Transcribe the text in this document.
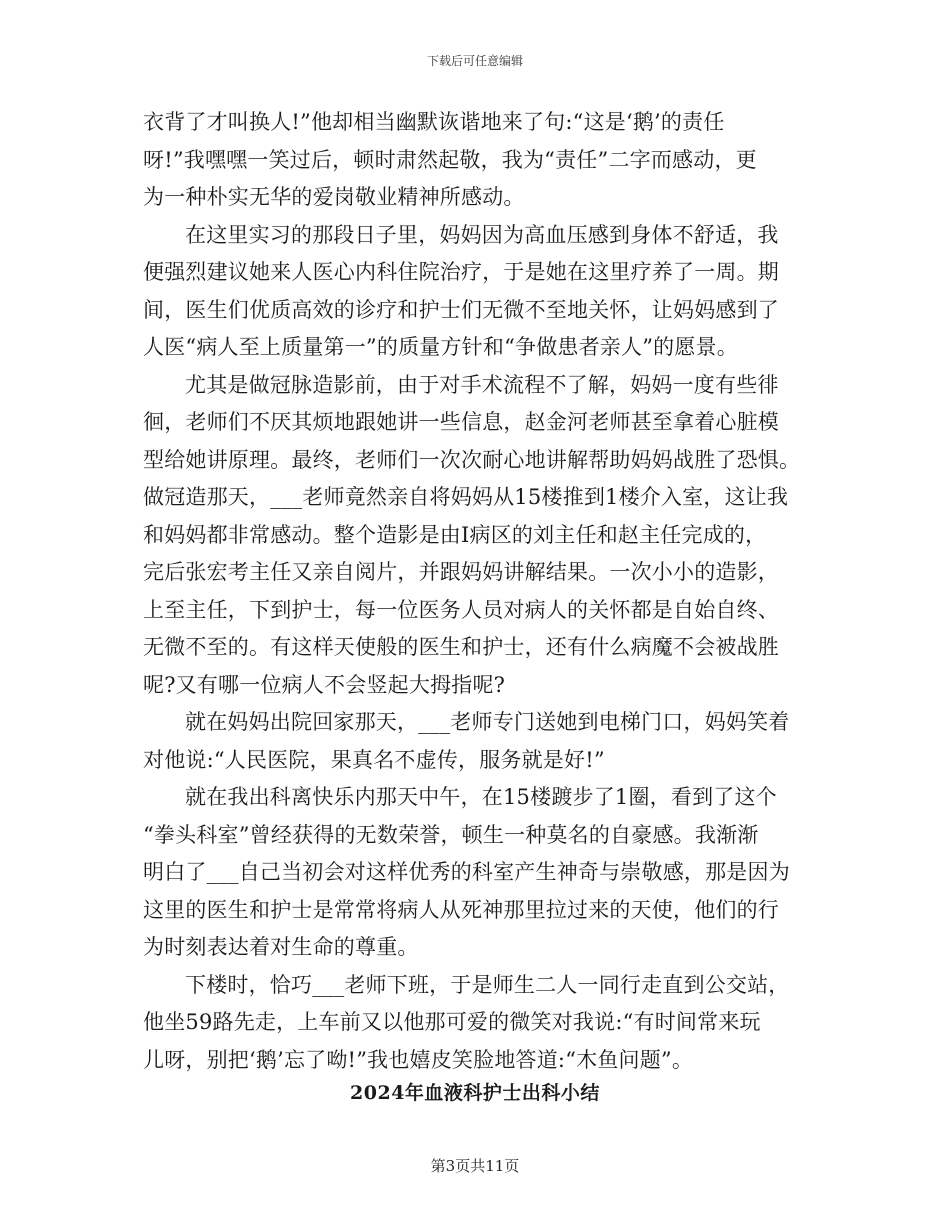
下载后可任意编辑
衣背了才叫换人!”他却相当幽默诙谐地来了句:“这是‘鹅’的责任
呀!”我嘿嘿一笑过后，顿时肃然起敬，我为“责任”二字而感动，更
为一种朴实无华的爱岗敬业精神所感动。
在这里实习的那段日子里，妈妈因为高血压感到身体不舒适，我
便强烈建议她来人医心内科住院治疗，于是她在这里疗养了一周。期
间，医生们优质高效的诊疗和护士们无微不至地关怀，让妈妈感到了
人医“病人至上质量第一”的质量方针和“争做患者亲人”的愿景。
尤其是做冠脉造影前，由于对手术流程不了解，妈妈一度有些徘
徊，老师们不厌其烦地跟她讲一些信息，赵金河老师甚至拿着心脏模
型给她讲原理。最终，老师们一次次耐心地讲解帮助妈妈战胜了恐惧。
做冠造那天，___老师竟然亲自将妈妈从15楼推到1楼介入室，这让我
和妈妈都非常感动。整个造影是由Ⅰ病区的刘主任和赵主任完成的，
完后张宏考主任又亲自阅片，并跟妈妈讲解结果。一次小小的造影，
上至主任，下到护士，每一位医务人员对病人的关怀都是自始自终、
无微不至的。有这样天使般的医生和护士，还有什么病魔不会被战胜
呢?又有哪一位病人不会竖起大拇指呢?
就在妈妈出院回家那天，___老师专门送她到电梯门口，妈妈笑着
对他说:“人民医院，果真名不虚传，服务就是好!”
就在我出科离快乐内那天中午，在15楼踱步了1圈，看到了这个
“拳头科室”曾经获得的无数荣誉，顿生一种莫名的自豪感。我渐渐
明白了___自己当初会对这样优秀的科室产生神奇与崇敬感，那是因为
这里的医生和护士是常常将病人从死神那里拉过来的天使，他们的行
为时刻表达着对生命的尊重。
下楼时，恰巧___老师下班，于是师生二人一同行走直到公交站，
他坐59路先走，上车前又以他那可爱的微笑对我说:“有时间常来玩
儿呀，别把‘鹅’忘了呦!”我也嬉皮笑脸地答道:“木鱼问题”。
2024年血液科护士出科小结
第3页共11页
